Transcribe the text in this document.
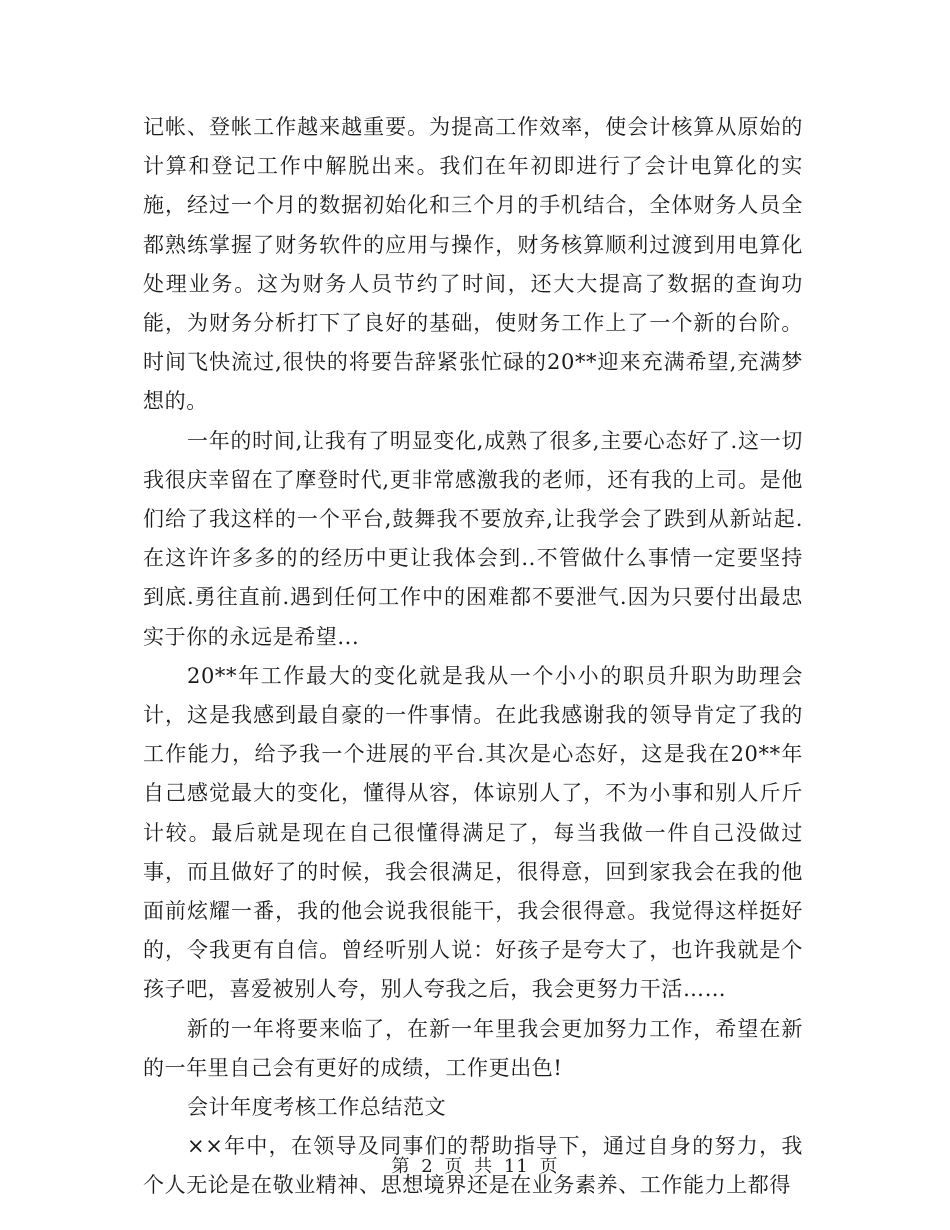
记帐、登帐工作越来越重要。为提高工作效率，使会计核算从原始的计算和登记工作中解脱出来。我们在年初即进行了会计电算化的实施，经过一个月的数据初始化和三个月的手机结合，全体财务人员全都熟练掌握了财务软件的应用与操作，财务核算顺利过渡到用电算化处理业务。这为财务人员节约了时间，还大大提高了数据的查询功能，为财务分析打下了良好的基础，使财务工作上了一个新的台阶。时间飞快流过,很快的将要告辞紧张忙碌的20**迎来充满希望,充满梦想的。

一年的时间,让我有了明显变化,成熟了很多,主要心态好了.这一切我很庆幸留在了摩登时代,更非常感激我的老师，还有我的上司。是他们给了我这样的一个平台,鼓舞我不要放弃,让我学会了跌到从新站起.在这许许多多的的经历中更让我体会到..不管做什么事情一定要坚持到底.勇往直前.遇到任何工作中的困难都不要泄气.因为只要付出最忠实于你的永远是希望...

20**年工作最大的变化就是我从一个小小的职员升职为助理会计，这是我感到最自豪的一件事情。在此我感谢我的领导肯定了我的工作能力，给予我一个进展的平台.其次是心态好，这是我在20**年自己感觉最大的变化，懂得从容，体谅别人了，不为小事和别人斤斤计较。最后就是现在自己很懂得满足了，每当我做一件自己没做过事，而且做好了的时候，我会很满足，很得意，回到家我会在我的他面前炫耀一番，我的他会说我很能干，我会很得意。我觉得这样挺好的，令我更有自信。曾经听别人说：好孩子是夸大了，也许我就是个孩子吧，喜爱被别人夸，别人夸我之后，我会更努力干活……

新的一年将要来临了，在新一年里我会更加努力工作，希望在新的一年里自己会有更好的成绩，工作更出色!

会计年度考核工作总结范文

××年中，在领导及同事们的帮助指导下，通过自身的努力，我个人无论是在敬业精神、思想境界还是在业务素养、工作能力上都得

第 2 页 共 11 页
